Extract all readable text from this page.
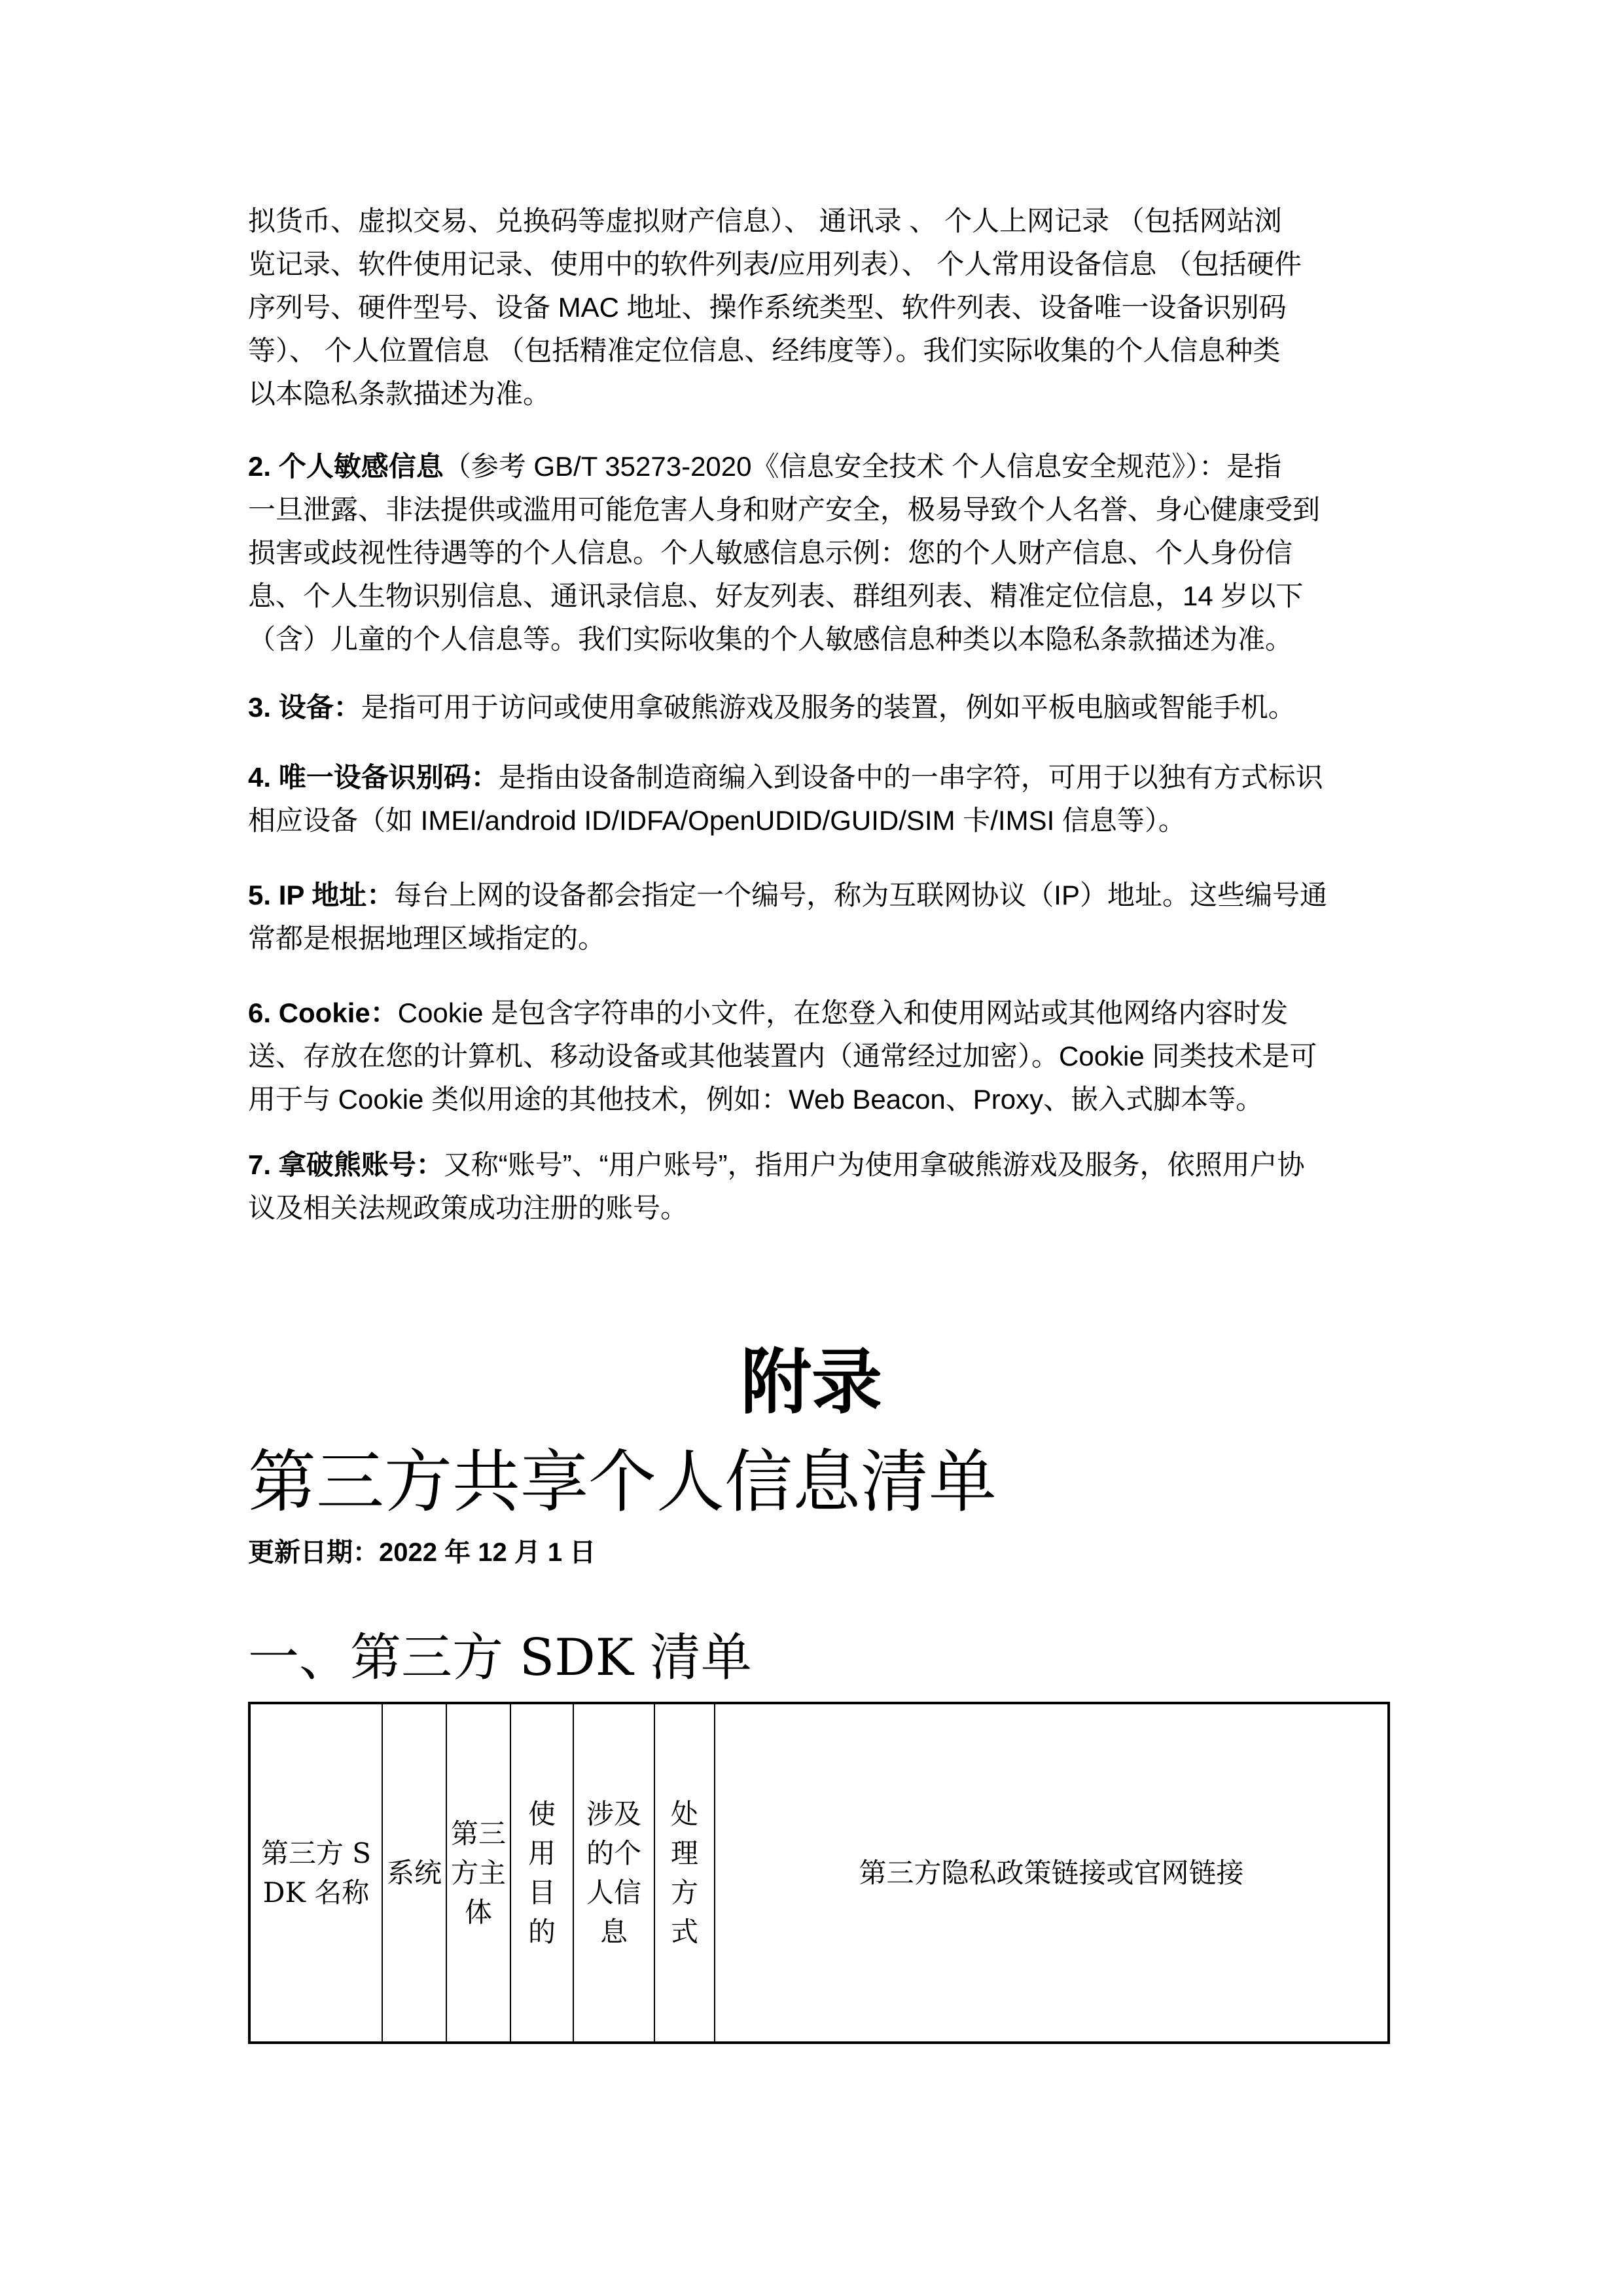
拟货币、虚拟交易、兑换码等虚拟财产信息）、 通讯录 、 个人上网记录 （包括网站浏
览记录、软件使用记录、使用中的软件列表/应用列表）、 个人常用设备信息 （包括硬件
序列号、硬件型号、设备 MAC 地址、操作系统类型、软件列表、设备唯一设备识别码
等）、 个人位置信息 （包括精准定位信息、经纬度等）。我们实际收集的个人信息种类
以本隐私条款描述为准。
2. 个人敏感信息（参考 GB/T 35273-2020《信息安全技术 个人信息安全规范》）：是指
一旦泄露、非法提供或滥用可能危害人身和财产安全，极易导致个人名誉、身心健康受到
损害或歧视性待遇等的个人信息。个人敏感信息示例：您的个人财产信息、个人身份信
息、个人生物识别信息、通讯录信息、好友列表、群组列表、精准定位信息，14 岁以下
（含）儿童的个人信息等。我们实际收集的个人敏感信息种类以本隐私条款描述为准。
3. 设备：是指可用于访问或使用拿破熊游戏及服务的装置，例如平板电脑或智能手机。
4. 唯一设备识别码：是指由设备制造商编入到设备中的一串字符，可用于以独有方式标识
相应设备（如 IMEI/android ID/IDFA/OpenUDID/GUID/SIM 卡/IMSI 信息等）。
5. IP 地址：每台上网的设备都会指定一个编号，称为互联网协议（IP）地址。这些编号通
常都是根据地理区域指定的。
6. Cookie：Cookie 是包含字符串的小文件，在您登入和使用网站或其他网络内容时发
送、存放在您的计算机、移动设备或其他装置内（通常经过加密）。Cookie 同类技术是可
用于与 Cookie 类似用途的其他技术，例如：Web Beacon、Proxy、嵌入式脚本等。
7. 拿破熊账号：又称“账号”、“用户账号”，指用户为使用拿破熊游戏及服务，依照用户协
议及相关法规政策成功注册的账号。
附录
第三方共享个人信息清单
更新日期：2022 年 12 月 1 日
一、第三方 SDK 清单
第三方 SDK 名称	系统	第三方主体	使用目的	涉及的个人信息	处理方式	第三方隐私政策链接或官网链接
